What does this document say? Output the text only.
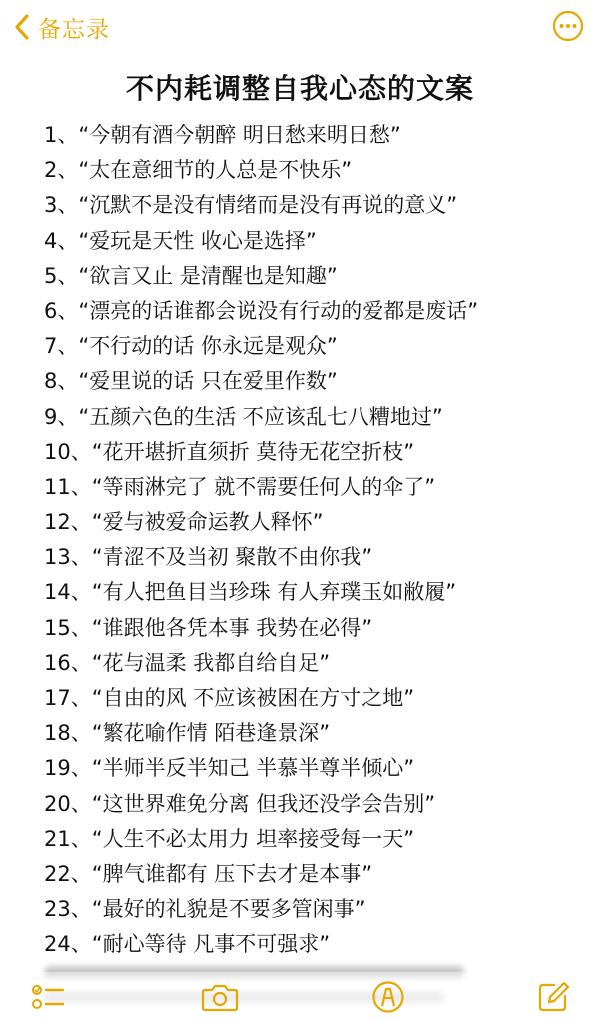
备忘录
不内耗调整自我心态的文案
1、“今朝有酒今朝醉 明日愁来明日愁”
2、“太在意细节的人总是不快乐”
3、“沉默不是没有情绪而是没有再说的意义”
4、“爱玩是天性 收心是选择”
5、“欲言又止 是清醒也是知趣”
6、“漂亮的话谁都会说没有行动的爱都是废话”
7、“不行动的话 你永远是观众”
8、“爱里说的话 只在爱里作数”
9、“五颜六色的生活 不应该乱七八糟地过”
10、“花开堪折直须折 莫待无花空折枝”
11、“等雨淋完了 就不需要任何人的伞了”
12、“爱与被爱命运教人释怀”
13、“青涩不及当初 聚散不由你我”
14、“有人把鱼目当珍珠 有人弃璞玉如敝履”
15、“谁跟他各凭本事 我势在必得”
16、“花与温柔 我都自给自足”
17、“自由的风 不应该被困在方寸之地”
18、“繁花喻作情 陌巷逢景深”
19、“半师半反半知己 半慕半尊半倾心”
20、“这世界难免分离 但我还没学会告别”
21、“人生不必太用力 坦率接受每一天”
22、“脾气谁都有 压下去才是本事”
23、“最好的礼貌是不要多管闲事”
24、“耐心等待 凡事不可强求”
